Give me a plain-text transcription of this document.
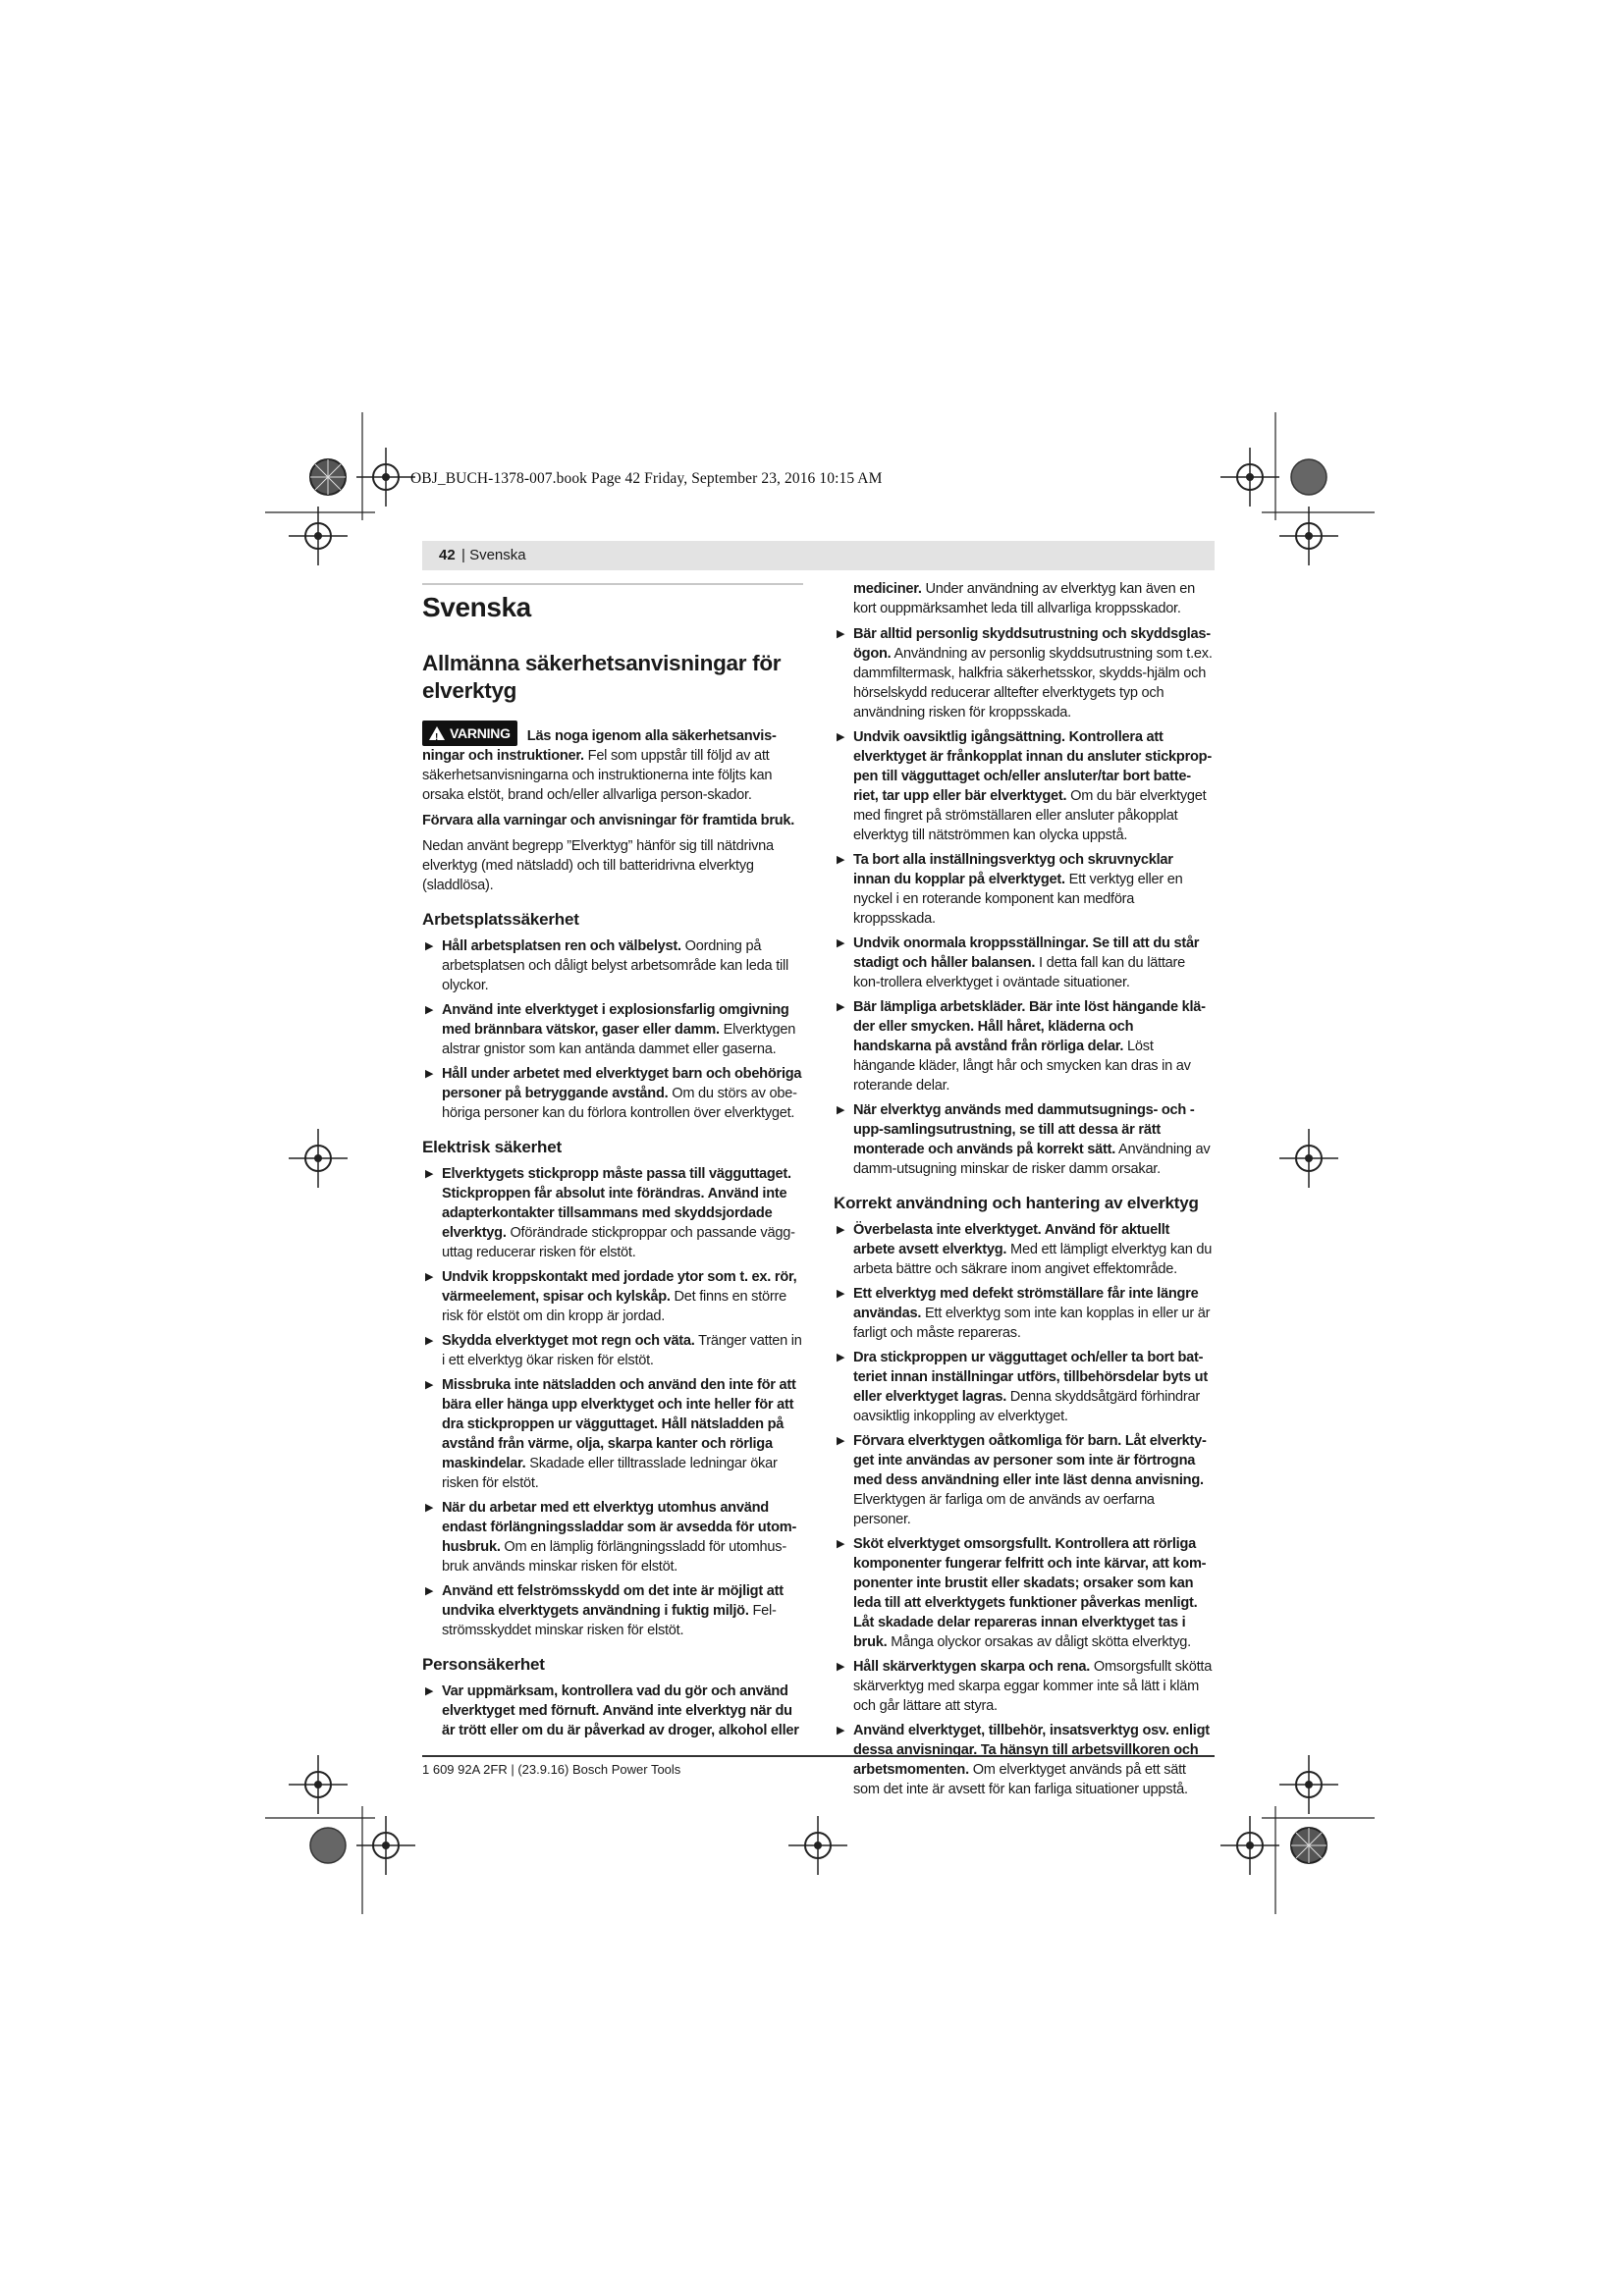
OBJ_BUCH-1378-007.book Page 42 Friday, September 23, 2016 10:15 AM
42 | Svenska
Svenska
Allmänna säkerhetsanvisningar för elverktyg

! VARNING Läs noga igenom alla säkerhetsanvis-ningar och instruktioner. Fel som uppstår till följd av att säkerhetsanvisningarna och instruktionerna inte följts kan orsaka elstöt, brand och/eller allvarliga person-skador.

Förvara alla varningar och anvisningar för framtida bruk.

Nedan använt begrepp ”Elverktyg” hänför sig till nätdrivna elverktyg (med nätsladd) och till batteridrivna elverktyg (sladdlösa).

Arbetsplatssäkerhet
▶ Håll arbetsplatsen ren och välbelyst. Oordning på arbetsplatsen och dåligt belyst arbetsområde kan leda till olyckor.
▶ Använd inte elverktyget i explosionsfarlig omgivning med brännbara vätskor, gaser eller damm. Elverktygen alstrar gnistor som kan antända dammet eller gaserna.
▶ Håll under arbetet med elverktyget barn och obehöriga personer på betryggande avstånd. Om du störs av obe-höriga personer kan du förlora kontrollen över elverktyget.
Elektrisk säkerhet
▶ Elverktygets stickpropp måste passa till vägguttaget. Stickproppen får absolut inte förändras. Använd inte adapterkontakter tillsammans med skyddsjordade elverktyg. Oförändrade stickproppar och passande vägg-uttag reducerar risken för elstöt.
▶ Undvik kroppskontakt med jordade ytor som t. ex. rör, värmeelement, spisar och kylskåp. Det finns en större risk för elstöt om din kropp är jordad.
▶ Skydda elverktyget mot regn och väta. Tränger vatten in i ett elverktyg ökar risken för elstöt.
▶ Missbruka inte nätsladden och använd den inte för att bära eller hänga upp elverktyget och inte heller för att dra stickproppen ur vägguttaget. Håll nätsladden på avstånd från värme, olja, skarpa kanter och rörliga maskindelar. Skadade eller tilltrasslade ledningar ökar risken för elstöt.
▶ När du arbetar med ett elverktyg utomhus använd endast förlängningssladdar som är avsedda för utom-husbruk. Om en lämplig förlängningssladd för utomhus-bruk används minskar risken för elstöt.
▶ Använd ett felströmsskydd om det inte är möjligt att undvika elverktygets användning i fuktig miljö. Fel-strömsskyddet minskar risken för elstöt.
Personsäkerhet
▶ Var uppmärksam, kontrollera vad du gör och använd elverktyget med förnuft. Använd inte elverktyg när du är trött eller om du är påverkad av droger, alkohol eller

mediciner. Under användning av elverktyg kan även en kort ouppmärksamhet leda till allvarliga kroppsskador.

▶ Bär alltid personlig skyddsutrustning och skyddsglas-ögon. Användning av personlig skyddsutrustning som t.ex. dammfiltermask, halkfria säkerhetsskor, skydds-hjälm och hörselskydd reducerar alltefter elverktygets typ och användning risken för kroppsskada.
▶ Undvik oavsiktlig igångsättning. Kontrollera att elverktyget är frånkopplat innan du ansluter stickprop-pen till vägguttaget och/eller ansluter/tar bort batte-riet, tar upp eller bär elverktyget. Om du bär elverktyget med fingret på strömställaren eller ansluter påkopplat elverktyg till nätströmmen kan olycka uppstå.
▶ Ta bort alla inställningsverktyg och skruvnycklar innan du kopplar på elverktyget. Ett verktyg eller en nyckel i en roterande komponent kan medföra kroppsskada.
▶ Undvik onormala kroppsställningar. Se till att du står stadigt och håller balansen. I detta fall kan du lättare kon-trollera elverktyget i oväntade situationer.
▶ Bär lämpliga arbetskläder. Bär inte löst hängande klä-der eller smycken. Håll håret, kläderna och handskarna på avstånd från rörliga delar. Löst hängande kläder, långt hår och smycken kan dras in av roterande delar.
▶ När elverktyg används med dammutsugnings- och -upp-samlingsutrustning, se till att dessa är rätt monterade och används på korrekt sätt. Användning av damm-utsugning minskar de risker damm orsakar.
Korrekt användning och hantering av elverktyg
▶ Överbelasta inte elverktyget. Använd för aktuellt arbete avsett elverktyg. Med ett lämpligt elverktyg kan du arbeta bättre och säkrare inom angivet effektområde.
▶ Ett elverktyg med defekt strömställare får inte längre användas. Ett elverktyg som inte kan kopplas in eller ur är farligt och måste repareras.
▶ Dra stickproppen ur vägguttaget och/eller ta bort bat-teriet innan inställningar utförs, tillbehörsdelar byts ut eller elverktyget lagras. Denna skyddsåtgärd förhindrar oavsiktlig inkoppling av elverktyget.
▶ Förvara elverktygen oåtkomliga för barn. Låt elverkty-get inte användas av personer som inte är förtrogna med dess användning eller inte läst denna anvisning. Elverktygen är farliga om de används av oerfarna personer.
▶ Sköt elverktyget omsorgsfullt. Kontrollera att rörliga komponenter fungerar felfritt och inte kärvar, att kom-ponenter inte brustit eller skadats; orsaker som kan leda till att elverktygets funktioner påverkas menligt. Låt skadade delar repareras innan elverktyget tas i bruk. Många olyckor orsakas av dåligt skötta elverktyg.
▶ Håll skärverktygen skarpa och rena. Omsorgsfullt skötta skärverktyg med skarpa eggar kommer inte så lätt i kläm och går lättare att styra.
▶ Använd elverktyget, tillbehör, insatsverktyg osv. enligt dessa anvisningar. Ta hänsyn till arbetsvillkoren och arbetsmomenten. Om elverktyget används på ett sätt som det inte är avsett för kan farliga situationer uppstå.
1 609 92A 2FR | (23.9.16) Bosch Power Tools
